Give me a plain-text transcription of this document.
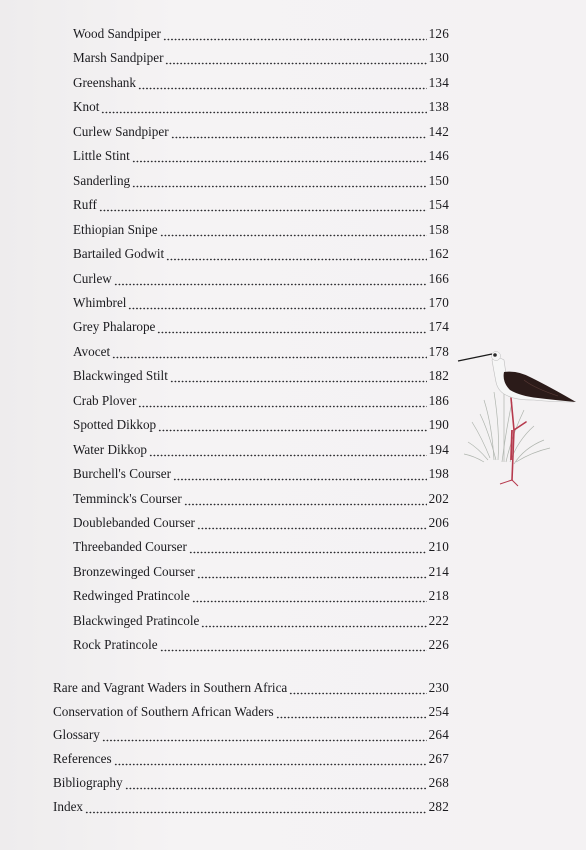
Wood Sandpiper	126
Marsh Sandpiper	130
Greenshank	134
Knot	138
Curlew Sandpiper	142
Little Stint	146
Sanderling	150
Ruff	154
Ethiopian Snipe	158
Bartailed Godwit	162
Curlew	166
Whimbrel	170
Grey Phalarope	174
Avocet	178
Blackwinged Stilt	182
Crab Plover	186
Spotted Dikkop	190
Water Dikkop	194
Burchell's Courser	198
Temminck's Courser	202
Doublebanded Courser	206
Threebanded Courser	210
Bronzewinged Courser	214
Redwinged Pratincole	218
Blackwinged Pratincole	222
Rock Pratincole	226
Rare and Vagrant Waders in Southern Africa	230
Conservation of Southern African Waders	254
Glossary	264
References	267
Bibliography	268
Index	282
